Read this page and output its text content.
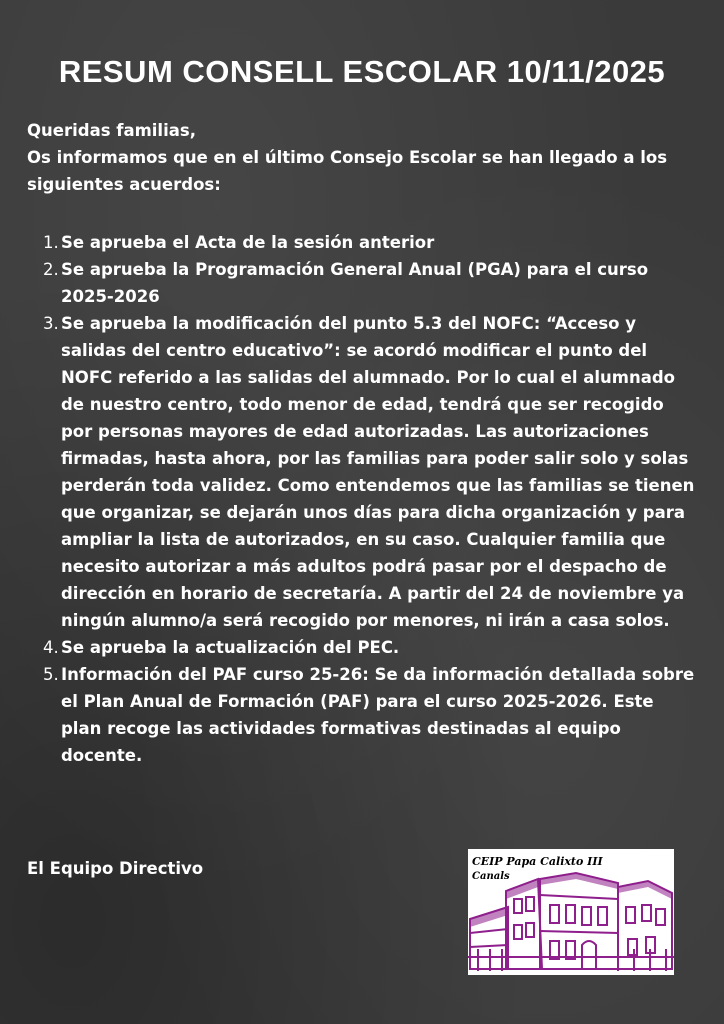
RESUM CONSELL ESCOLAR 10/11/2025

Queridas familias,

Os informamos que en el último Consejo Escolar se han llegado a los siguientes acuerdos:

1. Se aprueba el Acta de la sesión anterior
2. Se aprueba la Programación General Anual (PGA) para el curso 2025-2026
3. Se aprueba la modificación del punto 5.3 del NOFC: “Acceso y salidas del centro educativo”: se acordó modificar el punto del NOFC referido a las salidas del alumnado. Por lo cual el alumnado de nuestro centro, todo menor de edad, tendrá que ser recogido por personas mayores de edad autorizadas. Las autorizaciones firmadas, hasta ahora, por las familias para poder salir solo y solas perderán toda validez. Como entendemos que las familias se tienen que organizar, se dejarán unos días para dicha organización y para ampliar la lista de autorizados, en su caso. Cualquier familia que necesito autorizar a más adultos podrá pasar por el despacho de dirección en horario de secretaría. A partir del 24 de noviembre ya ningún alumno/a será recogido por menores, ni irán a casa solos.
4. Se aprueba la actualización del PEC.
5. Información del PAF curso 25-26: Se da información detallada sobre el Plan Anual de Formación (PAF) para el curso 2025-2026. Este plan recoge las actividades formativas destinadas al equipo docente.
El Equipo Directivo	CEIP Papa Calixto III
Canals
